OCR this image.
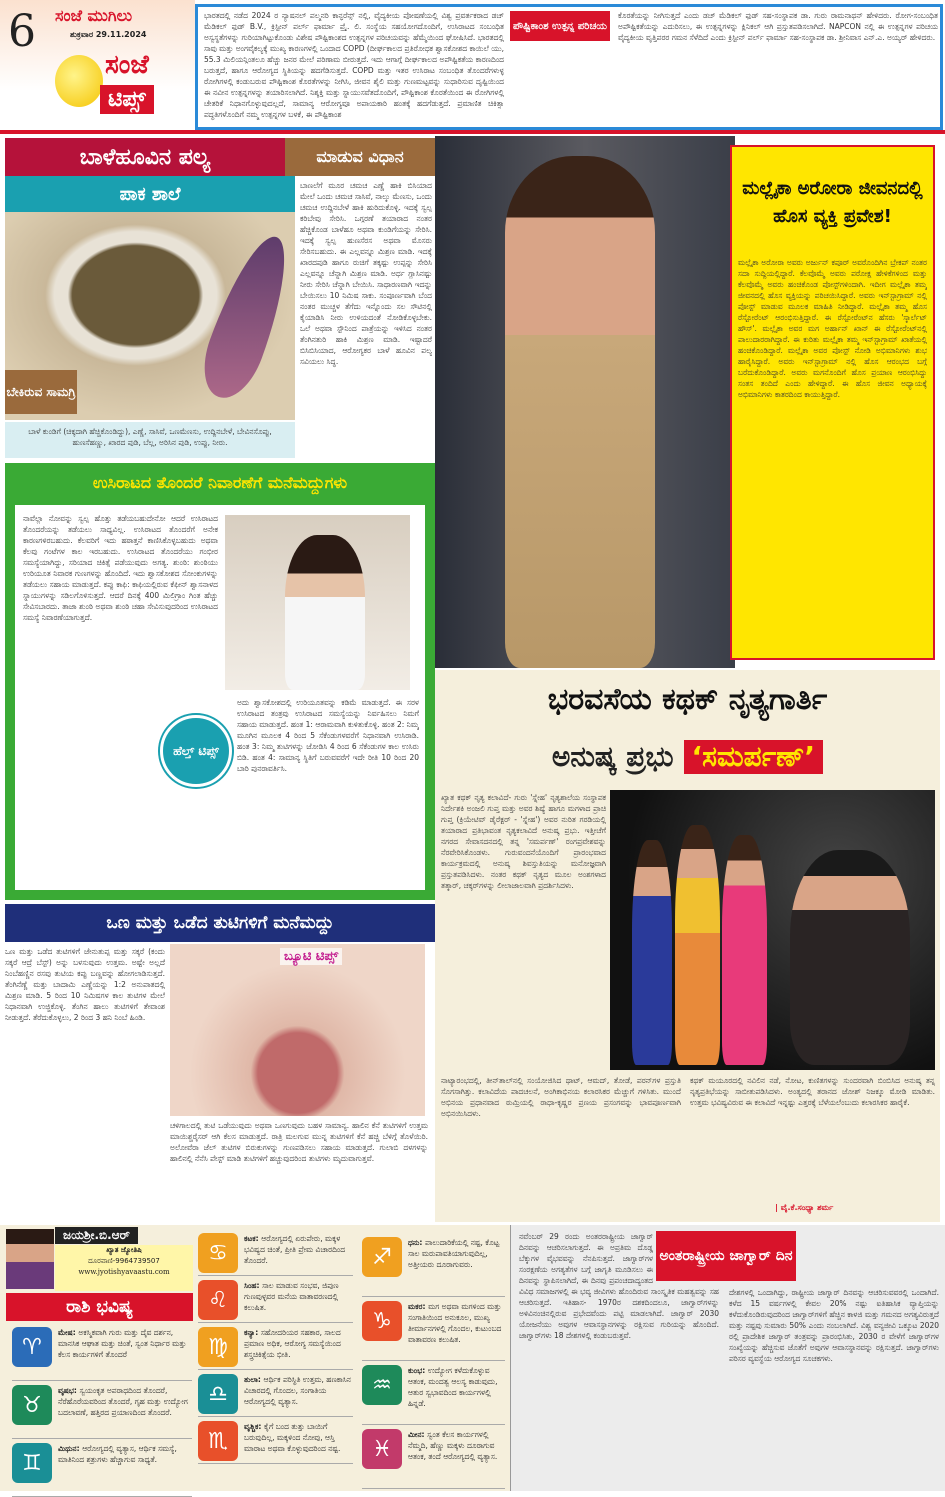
6 ಸಂಜೆ ಮುಗಿಲು
ಶುಕ್ರವಾರ 29.11.2024
ಸಂಜೆ
ಟಿಪ್ಸ್
ಭಾರತದಲ್ಲಿ ನಡೆದ 2024 ರ ನ್ಯಾಷನಲ್ ಪಲ್ಮನರಿ ಕಾನ್ಫರೆನ್ಸ್ ನಲ್ಲಿ, ವೈದ್ಯಕೀಯ ಪೋಷಣೆಯಲ್ಲಿ ವಿಶ್ವ ಪ್ರವರ್ತಕರಾದ ಡಚ್ ಮೆಡಿಕಲ್ ಫುಡ್ B.V., ಕ್ರಿಸ್ಟೀನ್ ಪರ್ಲ್ ಫಾರ್ಮಾ ಪ್ರೈ. ಲಿ. ಸಂಸ್ಥೆಯ ಸಹಯೋಗದೊಂದಿಗೆ, ಉಸಿರಾಟದ ಸಂಬಂಧಿತ ಅಸ್ವಸ್ಥತೆಗಳನ್ನು ಗುರಿಯಾಗಿಟ್ಟುಕೊಂಡು ವಿಶೇಷ ಪೌಷ್ಟಿಕಾಂಶದ ಉತ್ಪನ್ನಗಳ ಪರಿಚಯವನ್ನು ಹೆಮ್ಮೆಯಿಂದ ಘೋಷಿಸಿದೆ. ಭಾರತದಲ್ಲಿ ಸಾವು ಮತ್ತು ಅಂಗವೈಕಲ್ಯಕ್ಕೆ ಮುಖ್ಯ ಕಾರಣಗಳಲ್ಲಿ ಒಂದಾದ COPD (ದೀರ್ಘಕಾಲದ ಪ್ರತಿರೋಧಕ ಶ್ವಾಸಕೋಶದ ಕಾಯಿಲೆ ಯು, 55.3 ಮಿಲಿಯನ್ಗಿಂತಲೂ ಹೆಚ್ಚು ಜನರ ಮೇಲೆ ಪರಿಣಾಮ ಬೀರುತ್ತದೆ. ಇದು ಆಗಾಗ್ಗೆ ದೀರ್ಘಕಾಲದ ಅಪೌಷ್ಟಿಕತೆಯ ಕಾರಣದಿಂದ ಬರುತ್ತದೆ, ಹಾಗೂ ಆರೋಗ್ಯದ ಸ್ಥಿತಿಯನ್ನು ಹದಗೆಡಿಸುತ್ತದೆ. COPD ಮತ್ತು ಇತರ ಉಸಿರಾಟ ಸಂಬಂಧಿತ ತೊಂದರೆಗಳುಳ್ಳ ರೋಗಿಗಳಲ್ಲಿ ಕಂಡುಬರುವ ಪೌಷ್ಟಿಕಾಂಶ ಕೊರತೆಗಳನ್ನು ನೀಗಿಸಿ, ಜೀವನ ಶೈಲಿ ಮತ್ತು ಗುಣಮಟ್ಟವನ್ನು ಸುಧಾರಿಸುವ ದೃಷ್ಟಿಯಿಂದ ಈ ನವೀನ ಉತ್ಪನ್ನಗಳನ್ನು ತಯಾರಿಸಲಾಗಿದೆ. ನಿಶ್ಶಕ್ತಿ ಮತ್ತು ಸ್ನಾಯುಸವೆತದೊಂದಿಗೆ, ಪೌಷ್ಟಿಕಾಂಶ ಕೊರತೆಯಿಂದ ಈ ರೋಗಿಗಳಲ್ಲಿ ಚೇತರಿಕೆ ನಿಧಾನಗೊಳ್ಳುವುದಲ್ಲದೆ, ಸಾಮಾನ್ಯ ಆರೋಗ್ಯವೂ ಅಪಾಯಕಾರಿ ಹಂತಕ್ಕೆ ಹದಗೆಡುತ್ತದೆ. ಪ್ರಮಾಣಿತ ಚಿಕಿತ್ಸಾ ಪದ್ಧತಿಗಳೊಂದಿಗೆ ನಮ್ಮ ಉತ್ಪನ್ನಗಳ ಬಳಕೆ, ಈ ಪೌಷ್ಟಿಕಾಂಶ
ಪೌಷ್ಟಿಕಾಂಶ ಉತ್ಪನ್ನ ಪರಿಚಯ
ಕೊರತೆಯನ್ನು ನೀಗಿಸುತ್ತದೆ ಎಂದು ಡಚ್ ಮೆಡಿಕಲ್ ಫುಡ್ ಸಹ-ಸಂಸ್ಥಾಪಕ ಡಾ. ಗುರು ರಾಮನಾಥನ್ ಹೇಳಿದರು. ರೋಗ-ಸಂಬಂಧಿತ ಅಪೌಷ್ಟಿಕತೆಯನ್ನು ಎದುರಿಸಲು, ಈ ಉತ್ಪನ್ನಗಳನ್ನು ಕ್ಲಿನಿಕಲ್ ಆಗಿ ಪ್ರಸ್ತುತಪಡಿಸಲಾಗಿದೆ. NAPCON ನಲ್ಲಿ ಈ ಉತ್ಪನ್ನಗಳ ಪರಿಚಯ ವೈದ್ಯಕೀಯ ವೃತ್ತಿಪರರ ಗಮನ ಸೆಳೆದಿದೆ ಎಂದು ಕ್ರಿಸ್ಟೀನ್ ಪರ್ಲ್ ಫಾರ್ಮಾ ಸಹ-ಸಂಸ್ಥಾಪಕ ಡಾ. ಶ್ರೀನಿವಾಸ ಎನ್.ಎ. ಅಯ್ಯರ್ ಹೇಳಿದರು.
ಬಾಳೆಹೂವಿನ ಪಲ್ಯ	ಮಾಡುವ ವಿಧಾನ
ಪಾಕ ಶಾಲೆ
ಬೇಕಿರುವ ಸಾಮಗ್ರಿ
ಬಾಳೆ ಕುಂಡಿಗೆ (ಚಿಕ್ಕದಾಗಿ ಹೆಚ್ಚಿಕೊಂಡಿದ್ದು), ಎಣ್ಣೆ, ಸಾಸಿವೆ, ಒಣಮೆಣಸು, ಉದ್ದಿನಬೇಳೆ, ಬೇವಿನಸೊಪ್ಪು, ಹುಣಸೆಹಣ್ಣು, ಖಾರದ ಪುಡಿ, ಬೆಲ್ಲ, ಅರಿಸಿನ ಪುಡಿ, ಉಪ್ಪು, ನೀರು.
ಬಾಣಲೆಗೆ ಮೂರ ಚಮಚ ಎಣ್ಣೆ ಹಾಕಿ ಬಿಸಿಯಾದ ಮೇಲೆ ಒಂದು ಚಮಚ ಸಾಸಿವೆ, ನಾಲ್ಕು ಮೆಣಸು, ಒಂದು ಚಮಚ ಉದ್ದಿನಬೇಳೆ ಹಾಕಿ ಹುರಿದುಕೊಳ್ಳಿ. ಇದಕ್ಕೆ ಸ್ವಲ್ಪ ಕರಿಬೇವು ಸೇರಿಸಿ. ಒಗ್ಗರಣೆ ತಯಾರಾದ ನಂತರ ಹೆಚ್ಚಿಕೊಂಡ ಬಾಳೆಹೂ ಅಥವಾ ಕುಂಡಿಗೆಯನ್ನು ಸೇರಿಸಿ. ಇದಕ್ಕೆ ಸ್ವಲ್ಪ ಹುಣಸೆರಸ ಅಥವಾ ಮೊಸರು ಸೇರಿಸಬಹುದು. ಈ ಎಲ್ಲವನ್ನೂ ಮಿಶ್ರಣ ಮಾಡಿ. ಇದಕ್ಕೆ ಖಾರದಪುಡಿ ಹಾಗೂ ರುಚಿಗೆ ತಕ್ಕಷ್ಟು ಉಪ್ಪನ್ನು ಸೇರಿಸಿ ಎಲ್ಲವನ್ನೂ ಚೆನ್ನಾಗಿ ಮಿಶ್ರಣ ಮಾಡಿ. ಅರ್ಧ ಗ್ಲಾಸಿನಷ್ಟು ನೀರು ಸೇರಿಸಿ ಚೆನ್ನಾಗಿ ಬೇಯಿಸಿ. ಸಾಧಾರಣವಾಗಿ ಇದನ್ನು ಬೇಯಿಸಲು 10 ನಿಮಿಷ ಸಾಕು. ಸಂಪೂರ್ಣವಾಗಿ ಬೆಂದ ನಂತರ ಮುಚ್ಚಳ ತೆಗೆದು ಇನ್ನೊಂದು ಸಲ ಸೌಟಿನಲ್ಲಿ ಕೈಯಾಡಿಸಿ ನೀರು ಉಳಿಯದಂತೆ ನೋಡಿಕೊಳ್ಳಬೇಕು. ಒಲೆ ಅಥವಾ ಸ್ಟೌನಿಂದ ಪಾತ್ರೆಯನ್ನು ಇಳಿಸಿದ ನಂತರ ತೆಂಗಿನತುರಿ ಹಾಕಿ ಮಿಶ್ರಣ ಮಾಡಿ. ಇಷ್ಟಾದರೆ ಬಿಸಿಬಿಸಿಯಾದ, ಆರೋಗ್ಯಕರ ಬಾಳೆ ಹೂವಿನ ಪಲ್ಯ ಸವಿಯಲು ಸಿದ್ಧ.
ಮಲ್ಲೈಕಾ ಅರೋರಾ ಜೀವನದಲ್ಲಿ ಹೊಸ ವ್ಯಕ್ತಿ ಪ್ರವೇಶ!
ಮಲ್ಲೈಕಾ ಅರೋರಾ ಅವರು ಅರ್ಜುನ್ ಕಪೂರ್ ಅವರೊಂದಿಗಿನ ಬ್ರೇಕಪ್ ನಂತರ ಸದಾ ಸುದ್ದಿಯಲ್ಲಿದ್ದಾರೆ. ಕೆಲವೊಮ್ಮೆ ಅವರು ಪರೋಕ್ಷ ಹೇಳಿಕೆಗಳಿಂದ ಮತ್ತು ಕೆಲವೊಮ್ಮೆ ಅವರು ಹಂಚಿಕೊಂಡ ಪೋಸ್ಟ್‌ಗಳಿಂದಾಗಿ. ಇದೀಗ ಮಲ್ಲೈಕಾ ತಮ್ಮ ಜೀವನದಲ್ಲಿ ಹೊಸ ವ್ಯಕ್ತಿಯನ್ನು ಪರಿಚಯಿಸಿದ್ದಾರೆ. ಅವರು ಇನ್‌ಸ್ಟಾಗ್ರಾಮ್ ನಲ್ಲಿ ಪೋಸ್ಟ್ ಮಾಡುವ ಮೂಲಕ ಮಾಹಿತಿ ನೀಡಿದ್ದಾರೆ. ಮಲ್ಲೈಕಾ ತಮ್ಮ ಹೊಸ ರೆಸ್ಟೋರೆಂಟ್ ಆರಂಭಿಸುತ್ತಿದ್ದಾರೆ. ಈ ರೆಸ್ಟೋರೆಂಟ್‌ನ ಹೆಸರು 'ಸ್ಕಾರ್ಲೆಟ್ ಹೌಸ್'. ಮಲ್ಲೈಕಾ ಅವರ ಮಗ ಅರ್ಹಾನ್ ಖಾನ್ ಈ ರೆಸ್ಟೋರೆಂಟ್‌ನಲ್ಲಿ ಪಾಲುದಾರರಾಗಿದ್ದಾರೆ. ಈ ಕುರಿತು ಮಲ್ಲೈಕಾ ತಮ್ಮ ಇನ್‌ಸ್ಟಾಗ್ರಾಮ್ ಖಾತೆಯಲ್ಲಿ ಹಂಚಿಕೊಂಡಿದ್ದಾರೆ. ಮಲ್ಲೈಕಾ ಅವರ ಪೋಸ್ಟ್ ನೋಡಿ ಅಭಿಮಾನಿಗಳು ಶುಭ ಹಾರೈಸಿದ್ದಾರೆ. ಅವರು ಇನ್‌ಸ್ಟಾಗ್ರಾಮ್ ನಲ್ಲಿ ಹೊಸ ಆರಂಭದ ಬಗ್ಗೆ ಬರೆದುಕೊಂಡಿದ್ದಾರೆ. ಅವರು ಮಗನೊಂದಿಗೆ ಹೊಸ ಪ್ರಯಾಣ ಆರಂಭಿಸಿದ್ದು ಸಂತಸ ತಂದಿದೆ ಎಂದು ಹೇಳಿದ್ದಾರೆ. ಈ ಹೊಸ ಜೀವನ ಅಧ್ಯಾಯಕ್ಕೆ ಅಭಿಮಾನಿಗಳು ಕಾತರದಿಂದ ಕಾಯುತ್ತಿದ್ದಾರೆ.
ಉಸಿರಾಟದ ತೊಂದರೆ ನಿವಾರಣೆಗೆ ಮನೆಮದ್ದುಗಳು
ನಾವೆಲ್ಲಾ ನೋವನ್ನು ಸ್ವಲ್ಪ ಹೊತ್ತು ತಡೆಯಬಹುದೇನೋ ಆದರೆ ಉಸಿರಾಟದ ತೊಂದರೆಯನ್ನು ತಡೆಯಲು ಸಾಧ್ಯವಿಲ್ಲ. ಉಸಿರಾಟದ ತೊಂದರೆಗೆ ಅನೇಕ ಕಾರಣಗಳಿರಬಹುದು. ಕೆಲವರಿಗೆ ಇದು ಹಠಾತ್ತನೆ ಕಾಣಿಸಿಕೊಳ್ಳಬಹುದು ಅಥವಾ ಕೆಲವು ಗಂಟೆಗಳ ಕಾಲ ಇರಬಹುದು. ಉಸಿರಾಟದ ತೊಂದರೆಯು ಗಂಭೀರ ಸಮಸ್ಯೆಯಾಗಿದ್ದು, ಸರಿಯಾದ ಚಿಕಿತ್ಸೆ ಪಡೆಯುವುದು ಅಗತ್ಯ. ಶುಂಠಿ: ಶುಂಠಿಯು ಉರಿಯೂತ ನಿವಾರಕ ಗುಣಗಳನ್ನು ಹೊಂದಿದೆ. ಇದು ಶ್ವಾಸಕೋಶದ ಸೋಂಕುಗಳನ್ನು ತಡೆಯಲು ಸಹಾಯ ಮಾಡುತ್ತದೆ. ಕಪ್ಪು ಕಾಫಿ: ಕಾಫಿಯಲ್ಲಿರುವ ಕೆಫೀನ್ ಶ್ವಾಸನಾಳದ ಸ್ನಾಯುಗಳನ್ನು ಸಡಿಲಗೊಳಿಸುತ್ತದೆ. ಆದರೆ ದಿನಕ್ಕೆ 400 ಮಿಲಿಗ್ರಾಂ ಗಿಂತ ಹೆಚ್ಚು ಸೇವಿಸಬಾರದು. ತಾಜಾ ಶುಂಠಿ ಅಥವಾ ಶುಂಠಿ ಚಹಾ ಸೇವಿಸುವುದರಿಂದ ಉಸಿರಾಟದ ಸಮಸ್ಯೆ ನಿವಾರಣೆಯಾಗುತ್ತದೆ.
ಹೆಲ್ತ್ ಟಿಪ್ಸ್
ಅದು ಶ್ವಾಸಕೋಶದಲ್ಲಿ ಉರಿಯೂತವನ್ನು ಕಡಿಮೆ ಮಾಡುತ್ತದೆ. ಈ ಸರಳ ಉಸಿರಾಟದ ತಂತ್ರವು ಉಸಿರಾಟದ ಸಮಸ್ಯೆಯನ್ನು ನಿರ್ವಹಿಸಲು ನಿಮಗೆ ಸಹಾಯ ಮಾಡುತ್ತದೆ. ಹಂತ 1: ಆರಾಮವಾಗಿ ಕುಳಿತುಕೊಳ್ಳಿ. ಹಂತ 2: ನಿಮ್ಮ ಮೂಗಿನ ಮೂಲಕ 4 ರಿಂದ 5 ಸೆಕೆಂಡುಗಳವರೆಗೆ ನಿಧಾನವಾಗಿ ಉಸಿರಾಡಿ. ಹಂತ 3: ನಿಮ್ಮ ತುಟಿಗಳನ್ನು ಜೋಡಿಸಿ 4 ರಿಂದ 6 ಸೆಕೆಂಡುಗಳ ಕಾಲ ಉಸಿರು ಬಿಡಿ. ಹಂತ 4: ಸಾಮಾನ್ಯ ಸ್ಥಿತಿಗೆ ಬರುವವರೆಗೆ ಇದೇ ರೀತಿ 10 ರಿಂದ 20 ಬಾರಿ ಪುನರಾವರ್ತಿಸಿ.
ಒಣ ಮತ್ತು ಒಡೆದ ತುಟಿಗಳಿಗೆ ಮನೆಮದ್ದು
ಒಣ ಮತ್ತು ಒಡೆದ ತುಟಿಗಳಿಗೆ ಜೇನುತುಪ್ಪ ಮತ್ತು ಸಕ್ಕರೆ (ಕಂದು ಸಕ್ಕರೆ ಆದ್ರೆ ಬೆಸ್ಟ್) ಅನ್ನು ಬಳಸುವುದು ಉತ್ತಮ. ಅಷ್ಟೇ ಅಲ್ಲದೆ ನಿಂಬೆಹಣ್ಣಿನ ರಸವು ತುಟಿಯ ಕಪ್ಪು ಬಣ್ಣವನ್ನು ಹೋಗಲಾಡಿಸುತ್ತದೆ. ತೆಂಗಿನೆಣ್ಣೆ ಮತ್ತು ಬಾದಾಮಿ ಎಣ್ಣೆಯನ್ನು 1:2 ಅನುಪಾತದಲ್ಲಿ ಮಿಶ್ರಣ ಮಾಡಿ. 5 ರಿಂದ 10 ನಿಮಿಷಗಳ ಕಾಲ ತುಟಿಗಳ ಮೇಲೆ ನಿಧಾನವಾಗಿ ಉಜ್ಜಿಕೊಳ್ಳಿ. ತೆಂಗಿನ ಹಾಲು ತುಟಿಗಳಿಗೆ ತೇವಾಂಶ ನೀಡುತ್ತದೆ. ತೆರೆದುಕೊಳ್ಳಲು, 2 ರಿಂದ 3 ಹನಿ ನಿಂಬೆ ಹಿಂಡಿ.
ಬ್ಯೂಟಿ ಟಿಪ್ಸ್
ಚಳಿಗಾಲದಲ್ಲಿ ತುಟಿ ಒಡೆಯುವುದು ಅಥವಾ ಒಣಗುವುದು ಬಹಳ ಸಾಮಾನ್ಯ. ಹಾಲಿನ ಕೆನೆ ತುಟಿಗಳಿಗೆ ಉತ್ತಮ ಮಾಯಿಶ್ಚರೈಸರ್ ಆಗಿ ಕೆಲಸ ಮಾಡುತ್ತದೆ. ರಾತ್ರಿ ಮಲಗುವ ಮುನ್ನ ತುಟಿಗಳಿಗೆ ಕೆನೆ ಹಚ್ಚಿ ಬೆಳಿಗ್ಗೆ ತೊಳೆಯಿರಿ. ಅಲೋವೆರಾ ಜೆಲ್ ತುಟಿಗಳ ಬಿರುಕುಗಳನ್ನು ಗುಣಪಡಿಸಲು ಸಹಾಯ ಮಾಡುತ್ತದೆ. ಗುಲಾಬಿ ದಳಗಳನ್ನು ಹಾಲಿನಲ್ಲಿ ನೆನೆಸಿ ಪೇಸ್ಟ್ ಮಾಡಿ ತುಟಿಗಳಿಗೆ ಹಚ್ಚುವುದರಿಂದ ತುಟಿಗಳು ಮೃದುವಾಗುತ್ತವೆ.
ಭರವಸೆಯ ಕಥಕ್ ನೃತ್ಯಗಾರ್ತಿ
ಅನುಷ್ಕ ಪ್ರಭು ‘ಸಮರ್ಪಣ್’
ಖ್ಯಾತ ಕಥಕ್ ನೃತ್ಯ ಕಲಾವಿದೆ- ಗುರು 'ಸ್ನೇಹ' ನೃತ್ಯಶಾಲೆಯ ಸಂಸ್ಥಾಪಕ ನಿರ್ದೇಶಕಿ ಅಂಜಲಿ ಗುಪ್ತ ಮತ್ತು ಅವರ ಶಿಷ್ಯೆ ಹಾಗೂ ಮಗಳಾದ ಪ್ರಾಚಿ ಗುಪ್ತ (ಕ್ರಿಯೇಟಿವ್ ಡೈರೆಕ್ಟರ್ - 'ಸ್ನೇಹ') ಅವರ ನುರಿತ ಗರಡಿಯಲ್ಲಿ ತಯಾರಾದ ಪ್ರತಿಭಾವಂತ ನೃತ್ಯಕಲಾವಿದೆ ಅನುಷ್ಕ ಪ್ರಭು. ಇತ್ತೀಚೆಗೆ ನಗರದ ಸೇವಾಸದನದಲ್ಲಿ ತನ್ನ 'ಸಮರ್ಪಣ್' ರಂಗಪ್ರವೇಶವನ್ನು ನೆರವೇರಿಸಿಕೊಂಡಳು. ಗುರುವಂದನೆಯೊಂದಿಗೆ ಪ್ರಾರಂಭವಾದ ಕಾರ್ಯಕ್ರಮದಲ್ಲಿ ಅನುಷ್ಕ ಶಿವಸ್ತುತಿಯನ್ನು ಮನೋಜ್ಞವಾಗಿ ಪ್ರಸ್ತುತಪಡಿಸಿದಳು. ನಂತರ ಕಥಕ್ ನೃತ್ಯದ ಮೂಲ ಅಂಶಗಳಾದ ತತ್ಕಾರ್, ಚಕ್ಕರ್‌ಗಳನ್ನು ಲೀಲಾಜಾಲವಾಗಿ ಪ್ರದರ್ಶಿಸಿದಳು.
ನಾಟ್ಯಾರಂಭದಲ್ಲಿ, ತೀನ್‌ತಾಲ್‌ನಲ್ಲಿ ಸಂಯೋಜಿಸಿದ ಥಾಟ್, ಆಮದ್, ತೋಡೆ, ಪರನ್‌ಗಳ ಪ್ರಸ್ತುತಿ ಸೊಗಸಾಗಿತ್ತು. ಕಲಾವಿದೆಯ ಪಾದಚಲನೆ, ಅಂಗಿಕಾಭಿನಯ ಕಲಾರಸಿಕರ ಮೆಚ್ಚುಗೆ ಗಳಿಸಿತು. ಮುಂದೆ ಅಭಿನಯ ಪ್ರಧಾನವಾದ ಠುಮ್ರಿಯಲ್ಲಿ ರಾಧಾ-ಕೃಷ್ಣರ ಪ್ರಣಯ ಪ್ರಸಂಗವನ್ನು ಭಾವಪೂರ್ಣವಾಗಿ ಅಭಿನಯಿಸಿದಳು.
ಕಥಕ್ ಮಯೂರದಲ್ಲಿ ನವಿಲಿನ ನಡೆ, ನೋಟ, ಕುಣಿತಗಳನ್ನು ಸುಂದರವಾಗಿ ಬಿಂಬಿಸಿದ ಅನುಷ್ಕ ತನ್ನ ನೃತ್ಯಪ್ರತಿಭೆಯನ್ನು ಸಾಬೀತುಪಡಿಸಿದಳು. ಅಂತ್ಯದಲ್ಲಿ ತರಾನದ ಜೋಶ್ ನಿಜಕ್ಕೂ ಮೋಡಿ ಮಾಡಿತು. ಉತ್ತಮ ಭವಿಷ್ಯವಿರುವ ಈ ಕಲಾವಿದೆ ಇನ್ನಷ್ಟು ಎತ್ತರಕ್ಕೆ ಬೆಳೆಯಲೆಂಬುದು ಕಲಾರಸಿಕರ ಹಾರೈಕೆ.
| ವೈ.ಕೆ.ಸಂಧ್ಯಾ ಶರ್ಮ
ಜಯಶ್ರೀ.ಬಿ.ಆರ್
ಖ್ಯಾತ ಜ್ಯೋತಿಷಿ
ದೂರವಾಣಿ-9964739507
www.jyotishyavaastu.com
ರಾಶಿ ಭವಿಷ್ಯ
♈
ಮೇಷ: ಅಕಸ್ಮಿಕವಾಗಿ ಗುರು ಮತ್ತು ದೈವ ದರ್ಶನ, ಮಾನಸಿಕ ಆಘಾತ ಮತ್ತು ಚಿಂತೆ, ಸ್ವಂತ ನಿರ್ಧಾರ ಮತ್ತು ಕೆಲಸ ಕಾರ್ಯಗಳಿಗೆ ತೊಂದರೆ
♉
ವೃಷಭ: ಸ್ವಯಂಕೃತ ಅಪರಾಧದಿಂದ ತೊಂದರೆ, ನೆರೆಹೊರೆಯವರಿಂದ ತೊಂದರೆ, ಗೃಹ ಮತ್ತು ಉದ್ಯೋಗ ಬದಲಾವಣೆ, ಹತ್ತಿರದ ಪ್ರಯಾಣದಿಂದ ತೊಂದರೆ.
♊
ಮಿಥುನ: ಆರೋಗ್ಯದಲ್ಲಿ ವ್ಯತ್ಯಾಸ, ಆರ್ಥಿಕ ಸಮಸ್ಯೆ, ಮಾತಿನಿಂದ ಶತ್ರುಗಳು ಹೆಚ್ಚಾಗುವ ಸಾಧ್ಯತೆ.
♋
ಕಟಕ: ಆರೋಗ್ಯದಲ್ಲಿ ಏರುಪೇರು, ಮಕ್ಕಳ ಭವಿಷ್ಯದ ಚಿಂತೆ, ಪ್ರೀತಿ ಪ್ರೇಮ ವಿಚಾರದಿಂದ ತೊಂದರೆ.
♌
ಸಿಂಹ: ಸಾಲ ಮಾಡುವ ಸಂಭವ, ಜಿಪುಣ ಗುಣವುಳ್ಳವರ ಮನೆಯ ವಾತಾವರಣದಲ್ಲಿ ಕಲುಷಿತ.
♍
ಕನ್ಯಾ: ಸಹೋದರಿಯರ ಸಹಕಾರ, ಸಾಲದ ಪ್ರಮಾಣ ಅಧಿಕ, ಆರೋಗ್ಯ ಸಮಸ್ಯೆಯಿಂದ ಶಸ್ತ್ರಚಿಕಿತ್ಸೆಯ ಭೀತಿ.
♎
ತುಲಾ: ಆರ್ಥಿಕ ಪರಿಸ್ಥಿತಿ ಉತ್ತಮ, ಹಣಕಾಸಿನ ವಿಚಾರದಲ್ಲಿ ಗೊಂದಲ, ಸಂಗಾತಿಯ ಆರೋಗ್ಯದಲ್ಲಿ ವ್ಯತ್ಯಾಸ.
♏
ವೃಶ್ಚಿಕ: ಕೈಗೆ ಬಂದ ತುತ್ತು ಬಾಯಿಗೆ ಬರುವುದಿಲ್ಲ, ಮಕ್ಕಳಿಂದ ನೋವು, ಆಸ್ತಿ ಮಾರಾಟ ಅಥವಾ ಕೊಳ್ಳುವುದರಿಂದ ನಷ್ಟ.
♐
ಧನು: ಪಾಲುದಾರಿಕೆಯಲ್ಲಿ ನಷ್ಟ, ಕೊಟ್ಟ ಸಾಲ ಮರುಪಾವತಿಯಾಗುವುದಿಲ್ಲ, ಅತ್ತೀಯರು ದೂರಾಗುವರು.
♑
ಮಕರ: ಮಗ ಅಥವಾ ಮಗಳಿಂದ ಮತ್ತು ಸಂಗಾತಿಯಿಂದ ಅನುಕೂಲ, ಮುಖ್ಯ ತೀರ್ಮಾನಗಳಲ್ಲಿ ಗೊಂದಲ, ಕುಟುಂಬದ ವಾತಾವರಣ ಕಲುಷಿತ.
♒
ಕುಂಭ: ಉದ್ಯೋಗ ಕಳೆದುಕೊಳ್ಳುವ ಆತಂಕ, ಮಂದತ್ವ ಆಲಸ್ಯ ಕಾಡುವುದು, ಆತುರ ಸ್ವಭಾವದಿಂದ ಕಾರ್ಯಗಳಲ್ಲಿ ಹಿನ್ನಡೆ.
♓
ಮೀನ: ಸ್ವಂತ ಕೆಲಸ ಕಾರ್ಯಗಳಲ್ಲಿ ನೆಮ್ಮದಿ, ಹೆಣ್ಣು ಮಕ್ಕಳು ದೂರಾಗುವ ಆತಂಕ, ತಂದೆ ಆರೋಗ್ಯದಲ್ಲಿ ವ್ಯತ್ಯಾಸ.
ನವೆಂಬರ್ 29 ರಂದು ಅಂತರರಾಷ್ಟ್ರೀಯ ಜಾಗ್ವಾರ್ ದಿನವನ್ನು ಆಚರಿಸಲಾಗುತ್ತದೆ. ಈ ಅಪ್ರತಿಮ ದೊಡ್ಡ ಬೆಕ್ಕುಗಳ ವೈಭವವನ್ನು ನೆನಪಿಸುತ್ತದೆ. ಜಾಗ್ವಾರ್‌ಗಳ ಸಂರಕ್ಷಣೆಯ ಅಗತ್ಯತೆಗಳ ಬಗ್ಗೆ ಜಾಗೃತಿ ಮೂಡಿಸಲು ಈ ದಿನವನ್ನು ಸ್ಥಾಪಿಸಲಾಗಿದೆ, ಈ ದಿನವು ಪ್ರಪಂಚದಾದ್ಯಂತದ ವಿವಿಧ ಸಮಾಜಗಳಲ್ಲಿ ಈ ಭವ್ಯ ಜೀವಿಗಳು ಹೊಂದಿರುವ ಸಾಂಸ್ಕೃತಿಕ ಮಹತ್ವವನ್ನು ಸಹ ಆಚರಿಸುತ್ತದೆ. ಇತಿಹಾಸ- 1970ರ ದಶಕದಿಂದಲೂ, ಜಾಗ್ವಾರ್‌ಗಳನ್ನು ಅಳಿವಿನಂಚಿನಲ್ಲಿರುವ ಪ್ರಭೇದವೆಂದು ಪಟ್ಟಿ ಮಾಡಲಾಗಿದೆ. ಜಾಗ್ವಾರ್ 2030 ಯೋಜನೆಯು ಅವುಗಳ ಆವಾಸಸ್ಥಾನಗಳನ್ನು ರಕ್ಷಿಸುವ ಗುರಿಯನ್ನು ಹೊಂದಿದೆ. ಜಾಗ್ವಾರ್‌ಗಳು 18 ದೇಶಗಳಲ್ಲಿ ಕಂಡುಬರುತ್ತವೆ.
ಅಂತರಾಷ್ಟ್ರೀಯ ಜಾಗ್ವಾರ್ ದಿನ
ದೇಶಗಳಲ್ಲಿ ಒಂದಾಗಿದ್ದು, ರಾಷ್ಟ್ರೀಯ ಜಾಗ್ವಾರ್ ದಿನವನ್ನು ಆಚರಿಸುವವರಲ್ಲಿ ಒಂದಾಗಿದೆ. ಕಳೆದ 15 ವರ್ಷಗಳಲ್ಲಿ ಕೇವಲ 20% ನಷ್ಟು ಐತಿಹಾಸಿಕ ವ್ಯಾಪ್ತಿಯನ್ನು ಕಳೆದುಕೊಂಡಿರುವುದರಿಂದ ಜಾಗ್ವಾರ್‌ಗಳಿಗೆ ಹೆಚ್ಚಿನ ಕಾಳಜಿ ಮತ್ತು ಗಮನದ ಅಗತ್ಯವಿರುತ್ತದೆ ಮತ್ತು ನಷ್ಟವು ಸುಮಾರು 50% ಎಂದು ನಂಬಲಾಗಿದೆ. ವಿಶ್ವ ವನ್ಯಜೀವಿ ಒಕ್ಕೂಟ 2020 ರಲ್ಲಿ ಪ್ರಾದೇಶಿಕ ಜಾಗ್ವಾರ್ ತಂತ್ರವನ್ನು ಪ್ರಾರಂಭಿಸಿತು, 2030 ರ ವೇಳೆಗೆ ಜಾಗ್ವಾರ್‌ಗಳ ಸಂಖ್ಯೆಯನ್ನು ಹೆಚ್ಚಿಸುವ ಜೊತೆಗೆ ಅವುಗಳ ಆವಾಸಸ್ಥಾನವನ್ನು ರಕ್ಷಿಸುತ್ತದೆ. ಜಾಗ್ವಾರ್‌ಗಳು ಪರಿಸರ ವ್ಯವಸ್ಥೆಯ ಆರೋಗ್ಯದ ಸೂಚಕಗಳು.
